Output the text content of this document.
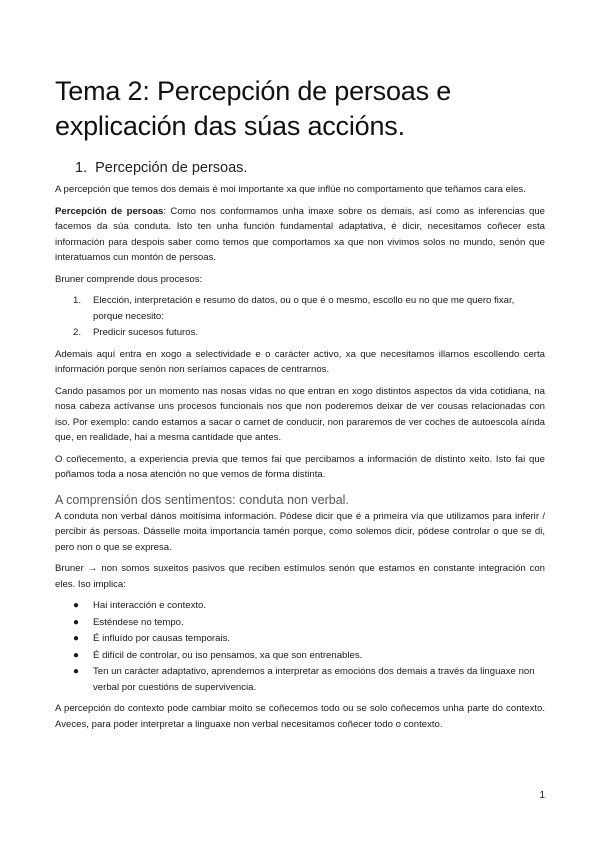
Tema 2: Percepción de persoas e explicación das súas accións.
1. Percepción de persoas.

A percepción que temos dos demais é moi importante xa que inflúe no comportamento que teñamos cara eles.

Percepción de persoas: Como nos conformamos unha imaxe sobre os demais, así como as inferencias que facemos da súa conduta. Isto ten unha función fundamental adaptativa, é dicir, necesitamos coñecer esta información para despois saber como temos que comportamos xa que non vivimos solos no mundo, senón que interatuamos cun montón de persoas.

Bruner comprende dous procesos:

1. Elección, interpretación e resumo do datos, ou o que é o mesmo, escollo eu no que me quero fixar, porque necesito:
2. Predicir sucesos futuros.

Ademais aquí entra en xogo a selectividade e o carácter activo, xa que necesitamos illarnos escollendo certa información porque senón non seríamos capaces de centrarnos.

Cando pasamos por un momento nas nosas vidas no que entran en xogo distintos aspectos da vida cotidiana, na nosa cabeza actívanse uns procesos funcionais nos que non poderemos deixar de ver cousas relacionadas con iso. Por exemplo: cando estamos a sacar o carnet de conducir, non pararemos de ver coches de autoescola aínda que, en realidade, hai a mesma cantidade que antes.

O coñecemento, a experiencia previa que temos fai que percibamos a información de distinto xeito. Isto fai que poñamos toda a nosa atención no que vemos de forma distinta.

A comprensión dos sentimentos: conduta non verbal.

A conduta non verbal dános moitísima información. Pódese dicir que é a primeira vía que utilizamos para inferir / percibir ás persoas. Dásselle moita importancia tamén porque, como solemos dicir, pódese controlar o que se di, pero non o que se expresa.

Bruner → non somos suxeitos pasivos que reciben estímulos senón que estamos en constante integración con eles. Iso implica:

● Hai interacción e contexto.
● Esténdese no tempo.
● É influído por causas temporais.
● É difícil de controlar, ou iso pensamos, xa que son entrenables.
● Ten un carácter adaptativo, aprendemos a interpretar as emocións dos demais a través da linguaxe non verbal por cuestións de supervivencia.

A percepción do contexto pode cambiar moito se coñecemos todo ou se solo coñecemos unha parte do contexto. Aveces, para poder interpretar a linguaxe non verbal necesitamos coñecer todo o contexto.

1
